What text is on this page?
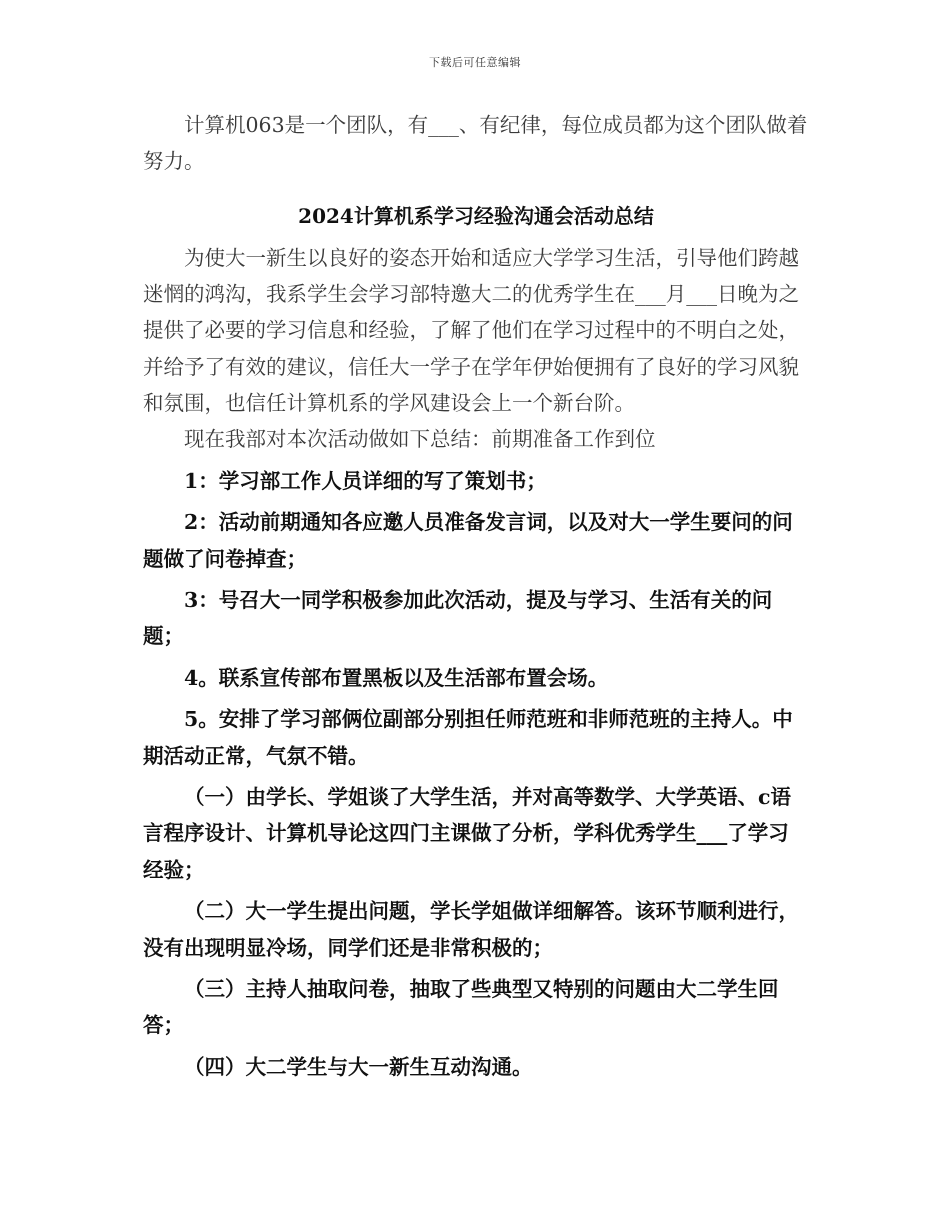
下载后可任意编辑

计算机063是一个团队，有___、有纪律，每位成员都为这个团队做着努力。

2024计算机系学习经验沟通会活动总结

为使大一新生以良好的姿态开始和适应大学学习生活，引导他们跨越迷惘的鸿沟，我系学生会学习部特邀大二的优秀学生在___月___日晚为之提供了必要的学习信息和经验，了解了他们在学习过程中的不明白之处，并给予了有效的建议，信任大一学子在学年伊始便拥有了良好的学习风貌和氛围，也信任计算机系的学风建设会上一个新台阶。

现在我部对本次活动做如下总结：前期准备工作到位

1：学习部工作人员详细的写了策划书；

2：活动前期通知各应邀人员准备发言词，以及对大一学生要问的问题做了问卷掉查；

3：号召大一同学积极参加此次活动，提及与学习、生活有关的问题；

4。联系宣传部布置黑板以及生活部布置会场。

5。安排了学习部俩位副部分别担任师范班和非师范班的主持人。中期活动正常，气氛不错。

（一）由学长、学姐谈了大学生活，并对高等数学、大学英语、c语言程序设计、计算机导论这四门主课做了分析，学科优秀学生___了学习经验；

（二）大一学生提出问题，学长学姐做详细解答。该环节顺利进行，没有出现明显冷场，同学们还是非常积极的；

（三）主持人抽取问卷，抽取了些典型又特别的问题由大二学生回答；

（四）大二学生与大一新生互动沟通。
